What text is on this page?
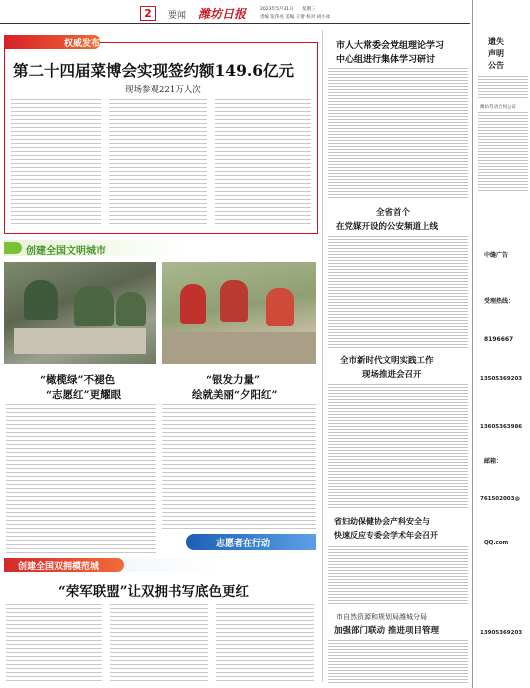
2	要闻 潍坊日报	2023年5月31日 星期三
责编 张伟亮 美编 王倩 校对 胡小冰
权威发布
第二十四届菜博会实现签约额149.6亿元
现场参观221万人次
创建全国文明城市
“橄榄绿”不褪色
“志愿红”更耀眼
“银发力量”
绘就美丽“夕阳红”
志愿者在行动
创建全国双拥模范城
“荣军联盟”让双拥书写底色更红
市人大常委会党组理论学习
中心组进行集体学习研讨
全省首个
在党媒开设的公安频道上线
全市新时代文明实践工作
现场推进会召开
省妇幼保健协会产科安全与
快速反应专委会学术年会召开
市自然资源和规划局潍城分局
加强部门联动 推进项目管理
遗失
声明
公告
潍坊劳动合同公证
中缝广告
受理热线：
8196667
13505369203
13605363986
邮箱：
761502003@
QQ.com
13905369203
